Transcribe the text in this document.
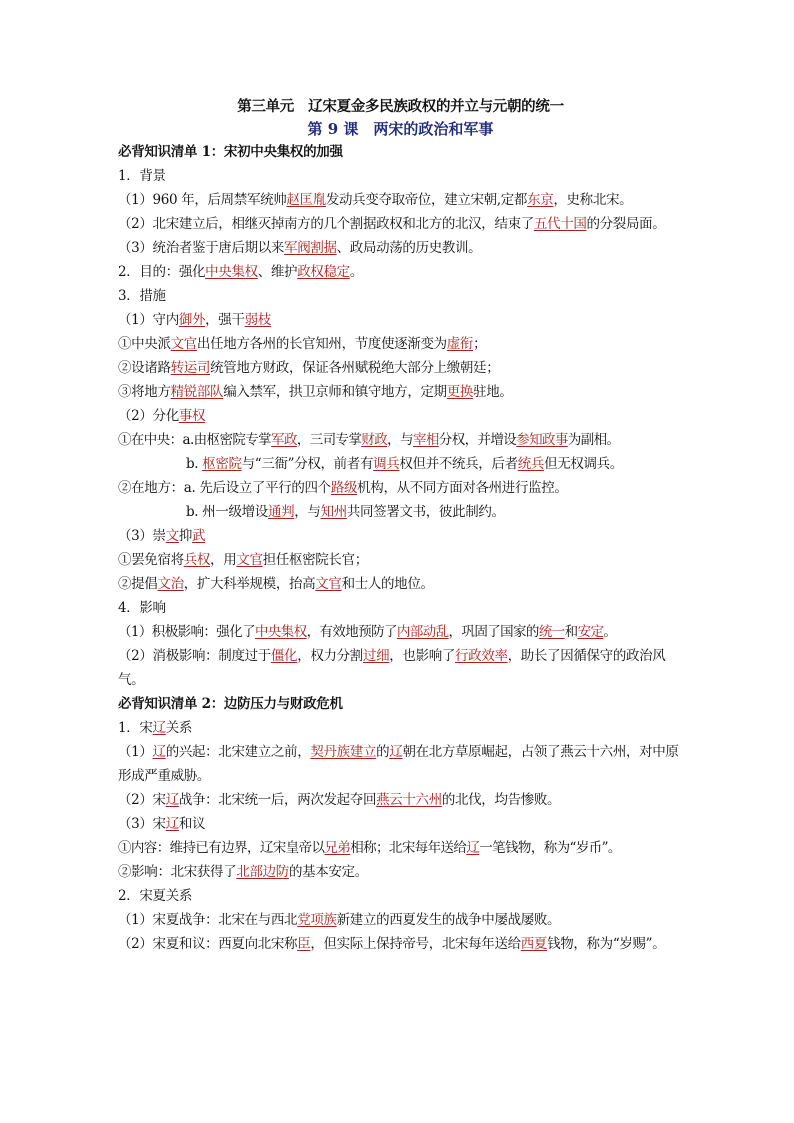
第三单元　辽宋夏金多民族政权的并立与元朝的统一
第 9 课　两宋的政治和军事
必背知识清单 1：宋初中央集权的加强
1．背景
（1）960 年，后周禁军统帅赵匡胤发动兵变夺取帝位，建立宋朝,定都东京，史称北宋。
（2）北宋建立后，相继灭掉南方的几个割据政权和北方的北汉，结束了五代十国的分裂局面。
（3）统治者鉴于唐后期以来军阀割据、政局动荡的历史教训。
2．目的：强化中央集权、维护政权稳定。
3．措施
（1）守内御外，强干弱枝
①中央派文官出任地方各州的长官知州，节度使逐渐变为虚衔；
②设诸路转运司统管地方财政，保证各州赋税绝大部分上缴朝廷；
③将地方精锐部队编入禁军，拱卫京师和镇守地方，定期更换驻地。
（2）分化事权
①在中央：a.由枢密院专掌军政，三司专掌财政，与宰相分权，并增设参知政事为副相。
b. 枢密院与“三衙”分权，前者有调兵权但并不统兵，后者统兵但无权调兵。
②在地方：a. 先后设立了平行的四个路级机构，从不同方面对各州进行监控。
b. 州一级增设通判，与知州共同签署文书，彼此制约。
（3）崇文抑武
①罢免宿将兵权，用文官担任枢密院长官；
②提倡文治，扩大科举规模，抬高文官和士人的地位。
4．影响
（1）积极影响：强化了中央集权，有效地预防了内部动乱，巩固了国家的统一和安定。
（2）消极影响：制度过于僵化，权力分割过细，也影响了行政效率，助长了因循保守的政治风气。
必背知识清单 2：边防压力与财政危机
1．宋辽关系
（1）辽的兴起：北宋建立之前，契丹族建立的辽朝在北方草原崛起，占领了燕云十六州，对中原形成严重威胁。
（2）宋辽战争：北宋统一后，两次发起夺回燕云十六州的北伐，均告惨败。
（3）宋辽和议
①内容：维持已有边界，辽宋皇帝以兄弟相称；北宋每年送给辽一笔钱物，称为“岁币”。
②影响：北宋获得了北部边防的基本安定。
2．宋夏关系
（1）宋夏战争：北宋在与西北党项族新建立的西夏发生的战争中屡战屡败。
（2）宋夏和议：西夏向北宋称臣，但实际上保持帝号，北宋每年送给西夏钱物，称为“岁赐”。
